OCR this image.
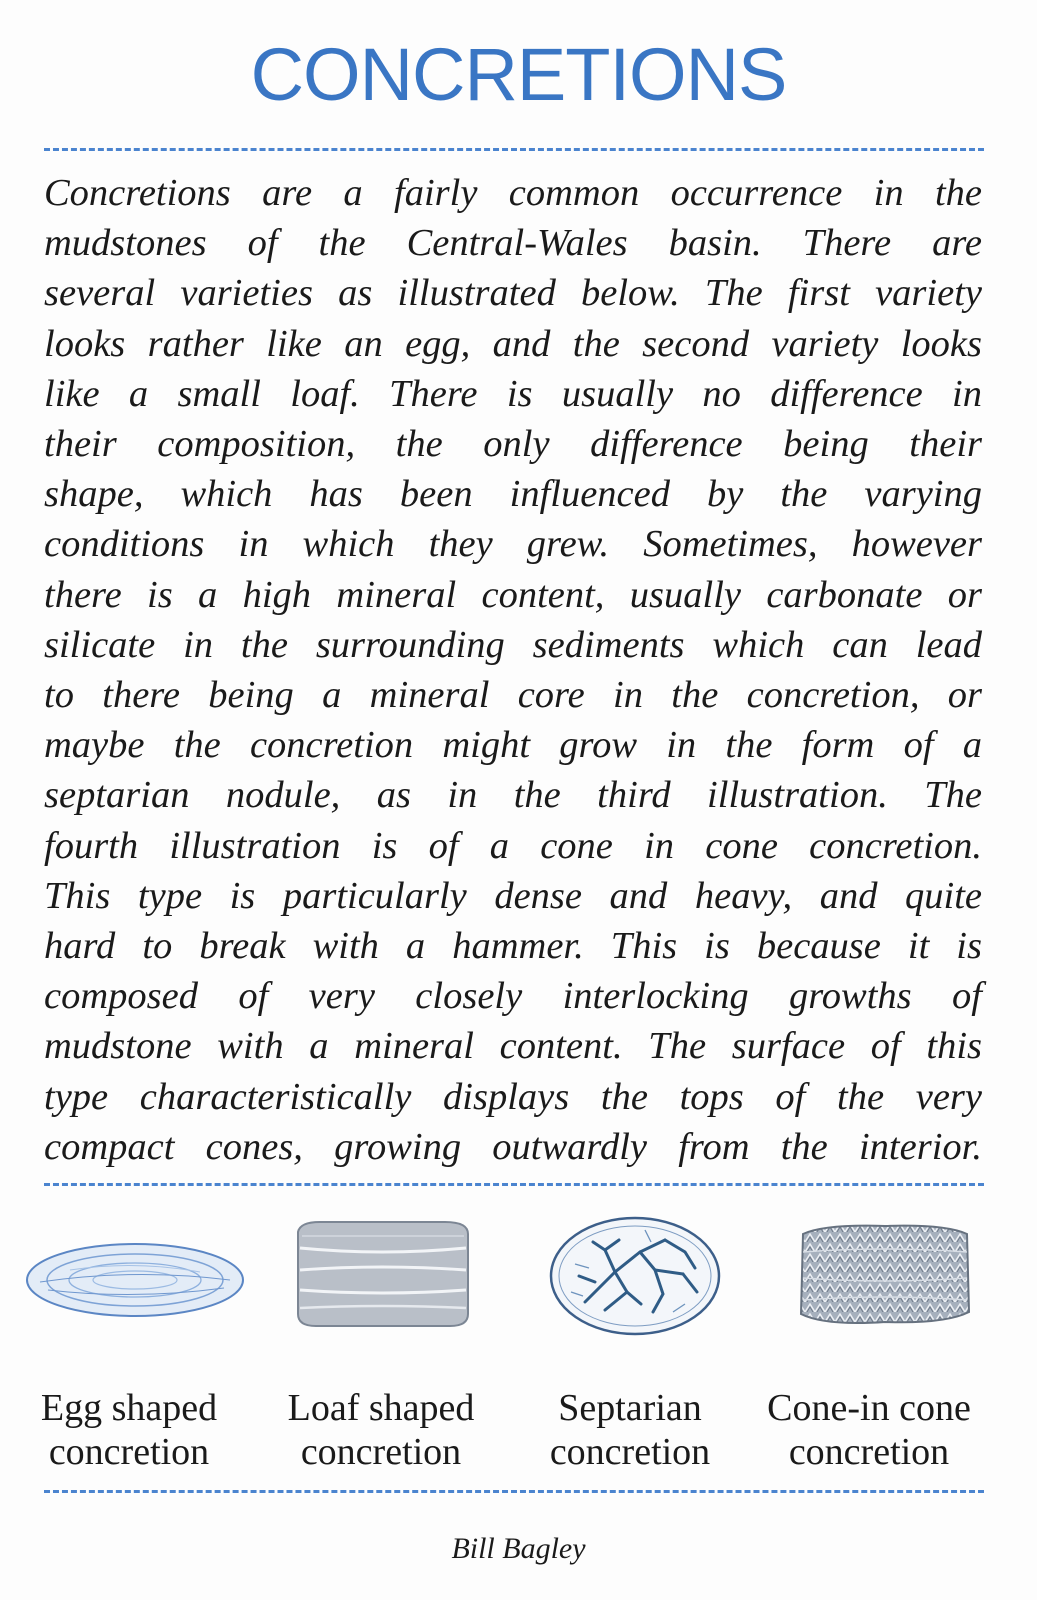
CONCRETIONS
Concretions are a fairly common occurrence in the
mudstones of the Central-Wales basin. There are
several varieties as illustrated below. The first variety
looks rather like an egg, and the second variety looks
like a small loaf. There is usually no difference in
their composition, the only difference being their
shape, which has been influenced by the varying
conditions in which they grew. Sometimes, however
there is a high mineral content, usually carbonate or
silicate in the surrounding sediments which can lead
to there being a mineral core in the concretion, or
maybe the concretion might grow in the form of a
septarian nodule, as in the third illustration. The
fourth illustration is of a cone in cone concretion.
This type is particularly dense and heavy, and quite
hard to break with a hammer. This is because it is
composed of very closely interlocking growths of
mudstone with a mineral content. The surface of this
type characteristically displays the tops of the very
compact cones, growing outwardly from the interior.
Egg shaped
concretion
Loaf shaped
concretion
Septarian
concretion
Cone-in cone
concretion
Bill Bagley
